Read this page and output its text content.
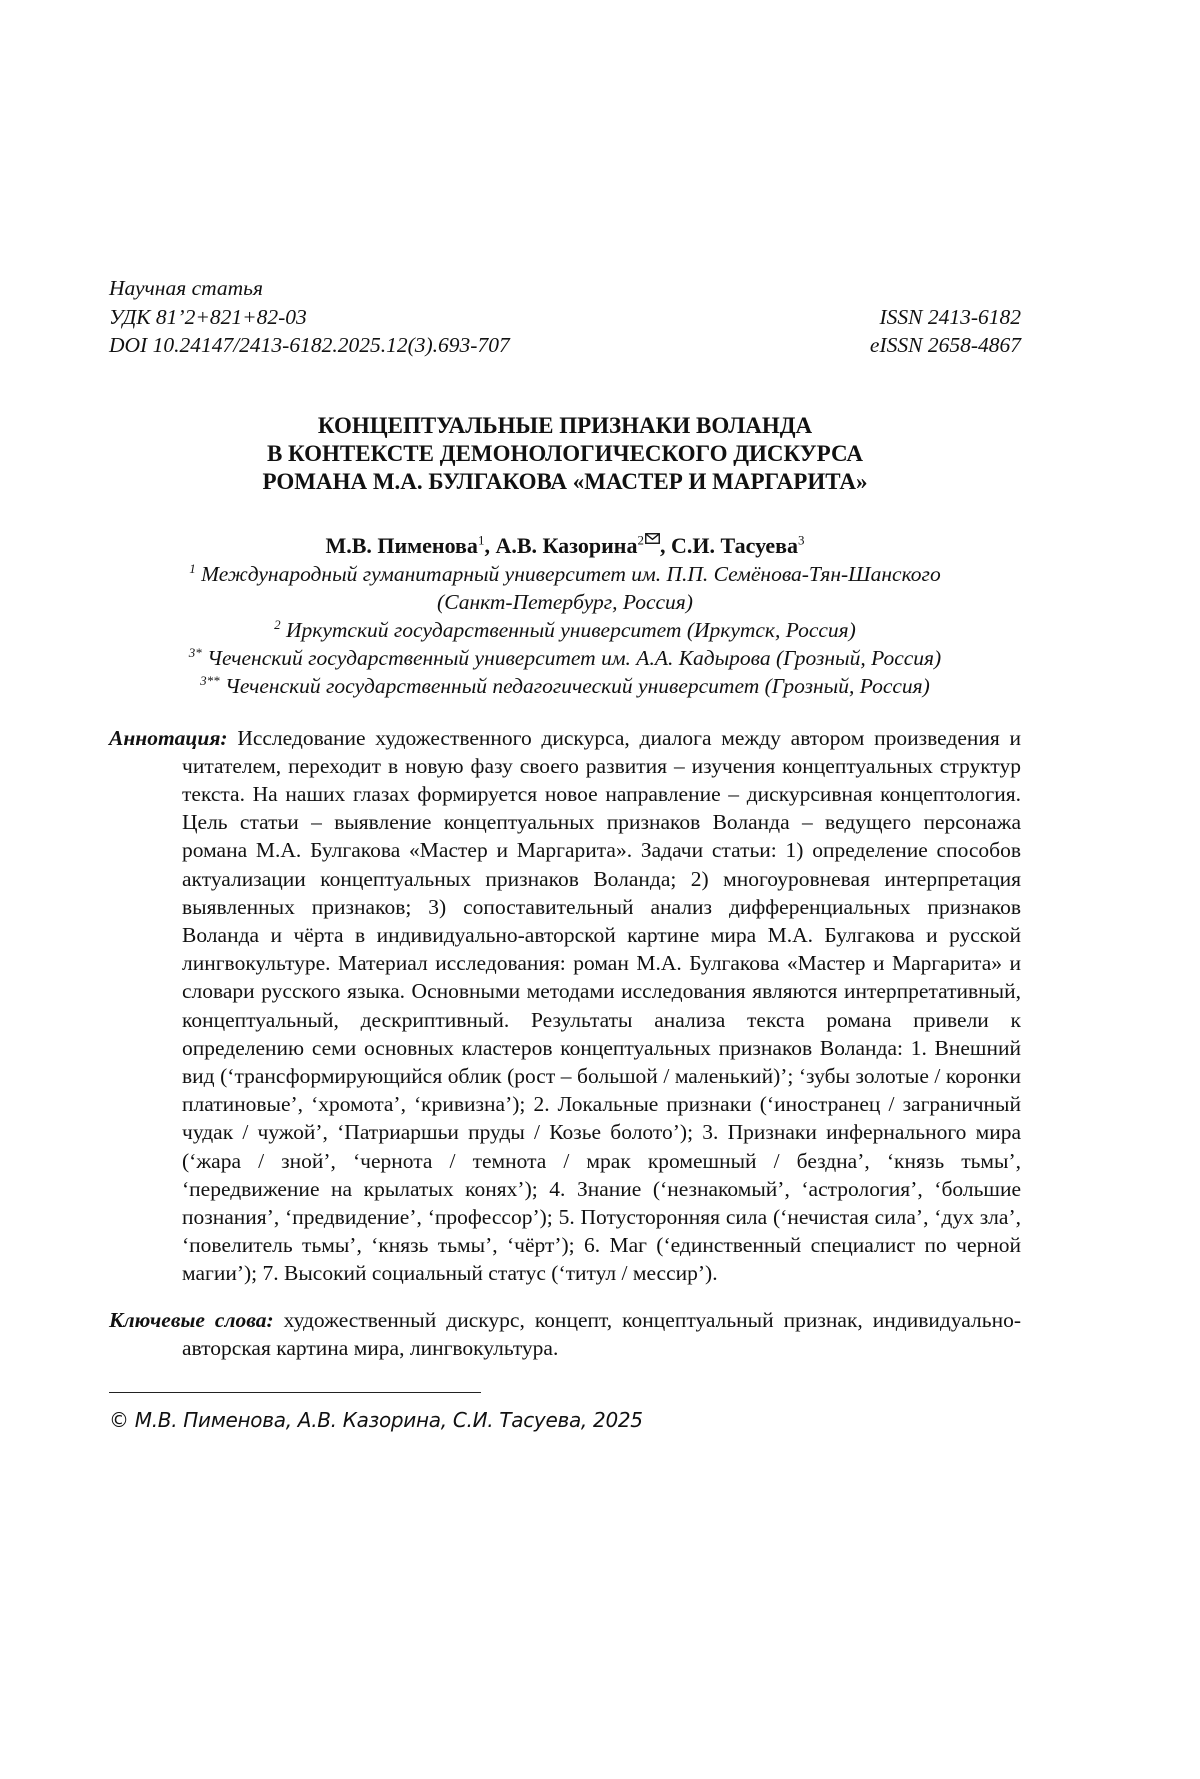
Научная статья
УДК 81’2+821+82-03	ISSN 2413-6182
DOI 10.24147/2413-6182.2025.12(3).693-707	eISSN 2658-4867
КОНЦЕПТУАЛЬНЫЕ ПРИЗНАКИ ВОЛАНДА
В КОНТЕКСТЕ ДЕМОНОЛОГИЧЕСКОГО ДИСКУРСА
РОМАНА М.А. БУЛГАКОВА «МАСТЕР И МАРГАРИТА»
М.В. Пименова$^1$, А.В. Казорина$^2$ , С.И. Тасуева$^3$
$^1$ Международный гуманитарный университет им. П.П. Семёнова-Тян-Шанского
(Санкт-Петербург, Россия)
$^2$ Иркутский государственный университет (Иркутск, Россия)
$^{3*}$ Чеченский государственный университет им. А.А. Кадырова (Грозный, Россия)
$^{3**}$ Чеченский государственный педагогический университет (Грозный, Россия)
Аннотация: Исследование художественного дискурса, диалога между автором произведения и читателем, переходит в новую фазу своего развития – изучения концептуальных структур текста. На наших глазах формируется новое направление – дискурсивная концептология. Цель статьи – выявление концептуальных признаков Воланда – ведущего персонажа романа М.А. Булгакова «Мастер и Маргарита». Задачи статьи: 1) определение способов актуализации концептуальных признаков Воланда; 2) многоуровневая интерпретация выявленных признаков; 3) сопоставительный анализ дифференциальных признаков Воланда и чёрта в индивидуально-авторской картине мира М.А. Булгакова и русской лингвокультуре. Материал исследования: роман М.А. Булгакова «Мастер и Маргарита» и словари русского языка. Основными методами исследования являются интерпретативный, концептуальный, дескриптивный. Результаты анализа текста романа привели к определению семи основных кластеров концептуальных признаков Воланда: 1. Внешний вид (‘трансформирующийся облик (рост – большой / маленький)’; ‘зубы золотые / коронки платиновые’, ‘хромота’, ‘кривизна’); 2. Локальные признаки (‘иностранец / заграничный чудак / чужой’, ‘Патриаршьи пруды / Козье болото’); 3. Признаки инфернального мира (‘жара / зной’, ‘чернота / темнота / мрак кромешный / бездна’, ‘князь тьмы’, ‘передвижение на крылатых конях’); 4. Знание (‘незнакомый’, ‘астрология’, ‘большие познания’, ‘предвидение’, ‘профессор’); 5. Потусторонняя сила (‘нечистая сила’, ‘дух зла’, ‘повелитель тьмы’, ‘князь тьмы’, ‘чёрт’); 6. Маг (‘единственный специалист по черной магии’); 7. Высокий социальный статус (‘титул / мессир’).
Ключевые слова: художественный дискурс, концепт, концептуальный признак, индивидуально-авторская картина мира, лингвокультура.
© М.В. Пименова, А.В. Казорина, С.И. Тасуева, 2025
